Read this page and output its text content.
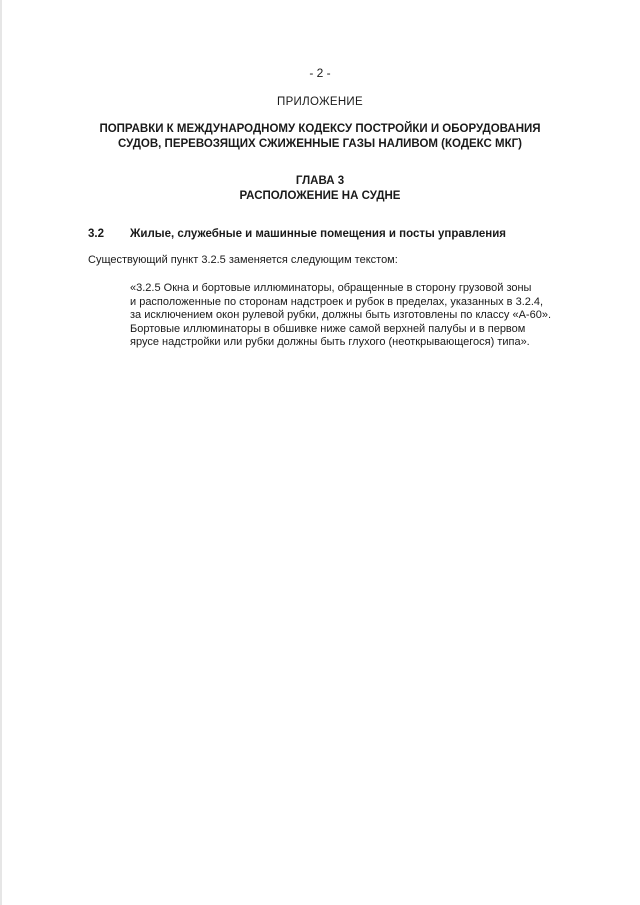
- 2 -
ПРИЛОЖЕНИЕ
ПОПРАВКИ К МЕЖДУНАРОДНОМУ КОДЕКСУ ПОСТРОЙКИ И ОБОРУДОВАНИЯ
СУДОВ, ПЕРЕВОЗЯЩИХ СЖИЖЕННЫЕ ГАЗЫ НАЛИВОМ (КОДЕКС МКГ)
ГЛАВА 3
РАСПОЛОЖЕНИЕ НА СУДНЕ
3.2 Жилые, служебные и машинные помещения и посты управления
Существующий пункт 3.2.5 заменяется следующим текстом:
«3.2.5 Окна и бортовые иллюминаторы, обращенные в сторону грузовой зоны
и расположенные по сторонам надстроек и рубок в пределах, указанных в 3.2.4,
за исключением окон рулевой рубки, должны быть изготовлены по классу «А-60».
Бортовые иллюминаторы в обшивке ниже самой верхней палубы и в первом
ярусе надстройки или рубки должны быть глухого (неоткрывающегося) типа».
